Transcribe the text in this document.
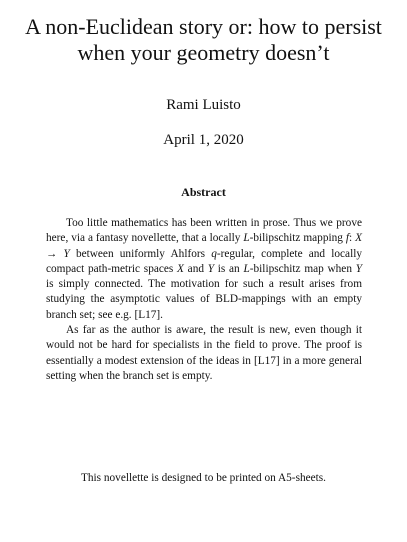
A non-Euclidean story or: how to persist
when your geometry doesn’t
Rami Luisto
April 1, 2020
Abstract

Too little mathematics has been written in prose. Thus we prove here, via a fantasy novellette, that a locally L-bilipschitz mapping f: X → Y between uniformly Ahlfors q-regular, complete and locally compact path-metric spaces X and Y is an L-bilipschitz map when Y is simply connected. The motivation for such a result arises from studying the asymptotic values of BLD-mappings with an empty branch set; see e.g. [L17].

As far as the author is aware, the result is new, even though it would not be hard for specialists in the field to prove. The proof is essentially a modest extension of the ideas in [L17] in a more general setting when the branch set is empty.

This novellette is designed to be printed on A5-sheets.
